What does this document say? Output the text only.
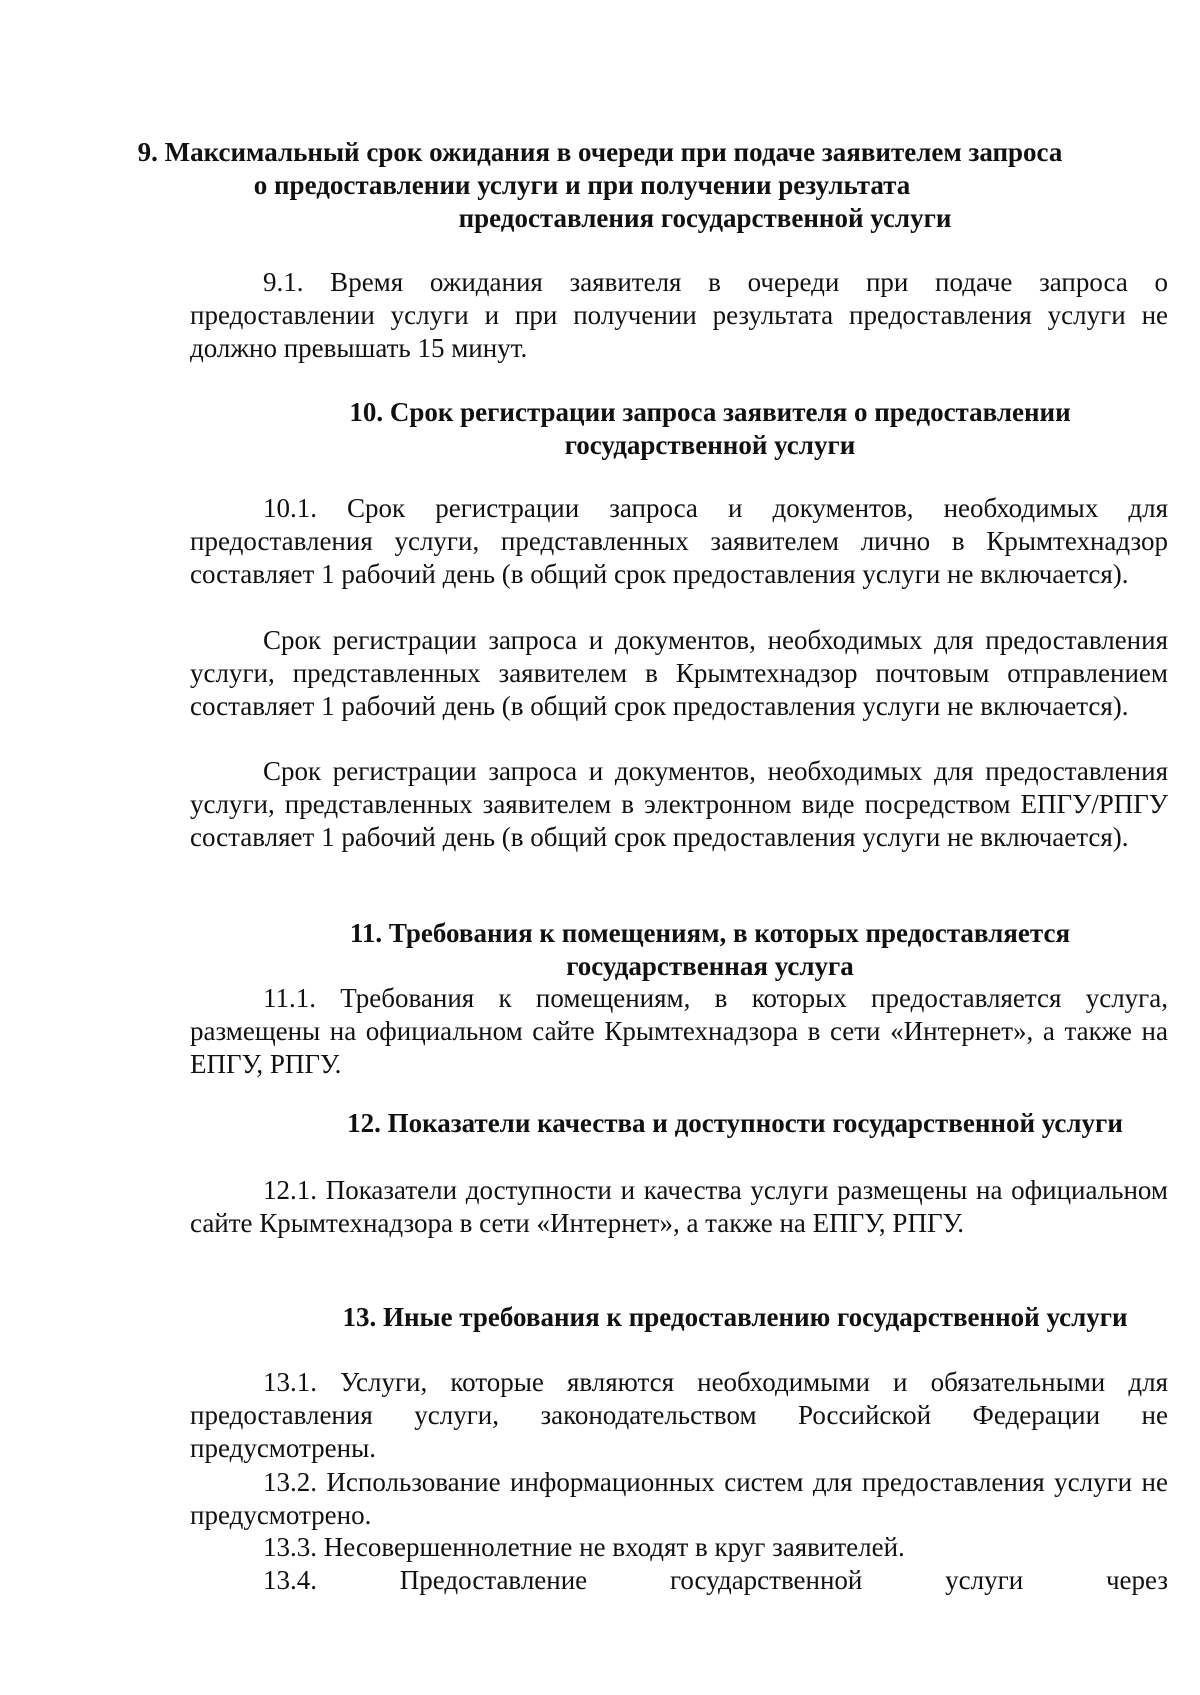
9. Максимальный срок ожидания в очереди при подаче заявителем запроса
о предоставлении услуги и при получении результата
предоставления государственной услуги

9.1. Время ожидания заявителя в очереди при подаче запроса о предоставлении услуги и при получении результата предоставления услуги не должно превышать 15 минут.

10. Срок регистрации запроса заявителя о предоставлении
государственной услуги

10.1. Срок регистрации запроса и документов, необходимых для предоставления услуги, представленных заявителем лично в Крымтехнадзор составляет 1 рабочий день (в общий срок предоставления услуги не включается).

Срок регистрации запроса и документов, необходимых для предоставления услуги, представленных заявителем в Крымтехнадзор почтовым отправлением составляет 1 рабочий день (в общий срок предоставления услуги не включается).

Срок регистрации запроса и документов, необходимых для предоставления услуги, представленных заявителем в электронном виде посредством ЕПГУ/РПГУ составляет 1 рабочий день (в общий срок предоставления услуги не включается).

11. Требования к помещениям, в которых предоставляется
государственная услуга

11.1. Требования к помещениям, в которых предоставляется услуга, размещены на официальном сайте Крымтехнадзора в сети «Интернет», а также на ЕПГУ, РПГУ.

12. Показатели качества и доступности государственной услуги

12.1. Показатели доступности и качества услуги размещены на официальном сайте Крымтехнадзора в сети «Интернет», а также на ЕПГУ, РПГУ.

13. Иные требования к предоставлению государственной услуги

13.1. Услуги, которые являются необходимыми и обязательными для предоставления услуги, законодательством Российской Федерации не предусмотрены.

13.2. Использование информационных систем для предоставления услуги не предусмотрено.

13.3. Несовершеннолетние не входят в круг заявителей.

13.4. Предоставление государственной услуги через
